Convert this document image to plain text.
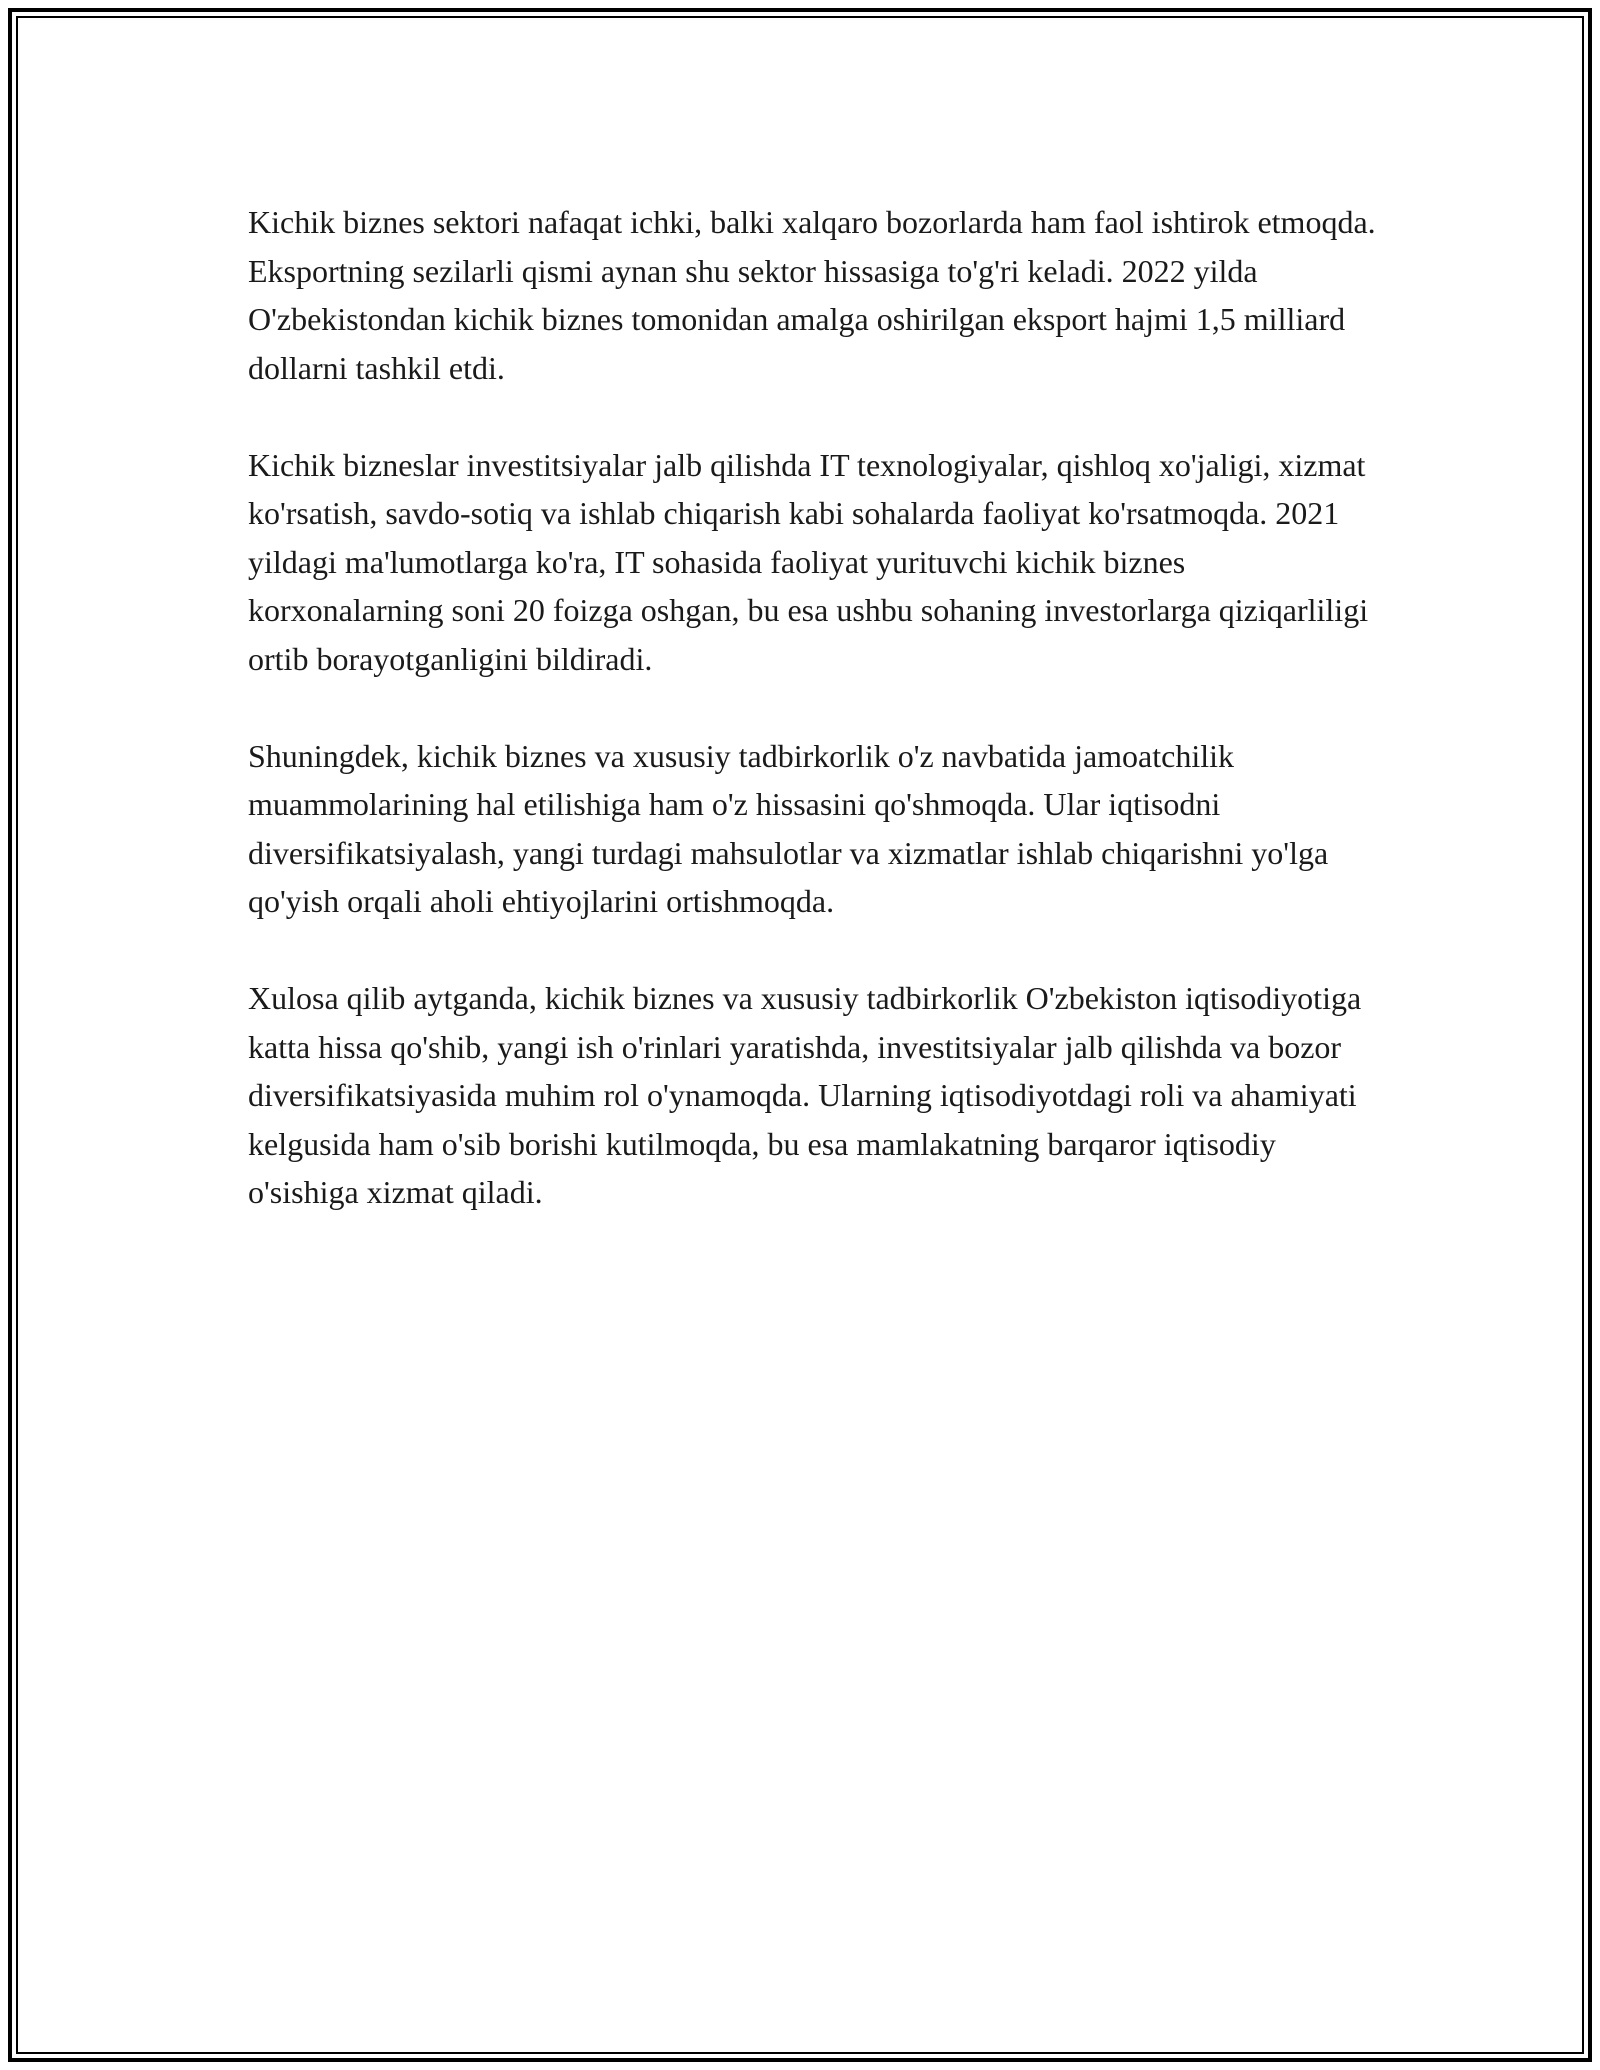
Kichik biznes sektori nafaqat ichki, balki xalqaro bozorlarda ham faol ishtirok etmoqda. Eksportning sezilarli qismi aynan shu sektor hissasiga to'g'ri keladi. 2022 yilda O'zbekistondan kichik biznes tomonidan amalga oshirilgan eksport hajmi 1,5 milliard dollarni tashkil etdi.

Kichik bizneslar investitsiyalar jalb qilishda IT texnologiyalar, qishloq xo'jaligi, xizmat ko'rsatish, savdo-sotiq va ishlab chiqarish kabi sohalarda faoliyat ko'rsatmoqda. 2021 yildagi ma'lumotlarga ko'ra, IT sohasida faoliyat yurituvchi kichik biznes korxonalarning soni 20 foizga oshgan, bu esa ushbu sohaning investorlarga qiziqarliligi ortib borayotganligini bildiradi.

Shuningdek, kichik biznes va xususiy tadbirkorlik o'z navbatida jamoatchilik muammolarining hal etilishiga ham o'z hissasini qo'shmoqda. Ular iqtisodni diversifikatsiyalash, yangi turdagi mahsulotlar va xizmatlar ishlab chiqarishni yo'lga qo'yish orqali aholi ehtiyojlarini ortishmoqda.

Xulosa qilib aytganda, kichik biznes va xususiy tadbirkorlik O'zbekiston iqtisodiyotiga katta hissa qo'shib, yangi ish o'rinlari yaratishda, investitsiyalar jalb qilishda va bozor diversifikatsiyasida muhim rol o'ynamoqda. Ularning iqtisodiyotdagi roli va ahamiyati kelgusida ham o'sib borishi kutilmoqda, bu esa mamlakatning barqaror iqtisodiy o'sishiga xizmat qiladi.
